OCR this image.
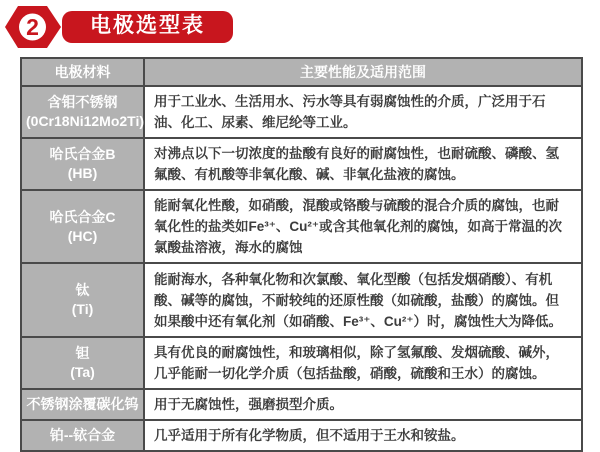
2	电极选型表
电极材料	主要性能及适用范围

含钼不锈钢
(0Cr18Ni12Mo2Ti)	用于工业水、生活用水、污水等具有弱腐蚀性的介质，广泛用于石油、化工、尿素、维尼纶等工业。

哈氏合金B
(HB)	对沸点以下一切浓度的盐酸有良好的耐腐蚀性，也耐硫酸、磷酸、氢氟酸、有机酸等非氧化酸、碱、非氧化盐液的腐蚀。

哈氏合金C
(HC)	能耐氧化性酸，如硝酸，混酸或铬酸与硫酸的混合介质的腐蚀，也耐氧化性的盐类如Fe³⁺、Cu²⁺或含其他氧化剂的腐蚀，如高于常温的次氯酸盐溶液，海水的腐蚀

钛
(Ti)	能耐海水，各种氧化物和次氯酸、氧化型酸（包括发烟硝酸）、有机酸、碱等的腐蚀，不耐较纯的还原性酸（如硫酸，盐酸）的腐蚀。但如果酸中还有氧化剂（如硝酸、Fe³⁺、Cu²⁺）时，腐蚀性大为降低。

钽
(Ta)	具有优良的耐腐蚀性，和玻璃相似，除了氢氟酸、发烟硫酸、碱外，几乎能耐一切化学介质（包括盐酸，硝酸，硫酸和王水）的腐蚀。

不锈钢涂覆碳化钨	用于无腐蚀性，强磨损型介质。

铂--铱合金	几乎适用于所有化学物质，但不适用于王水和铵盐。
